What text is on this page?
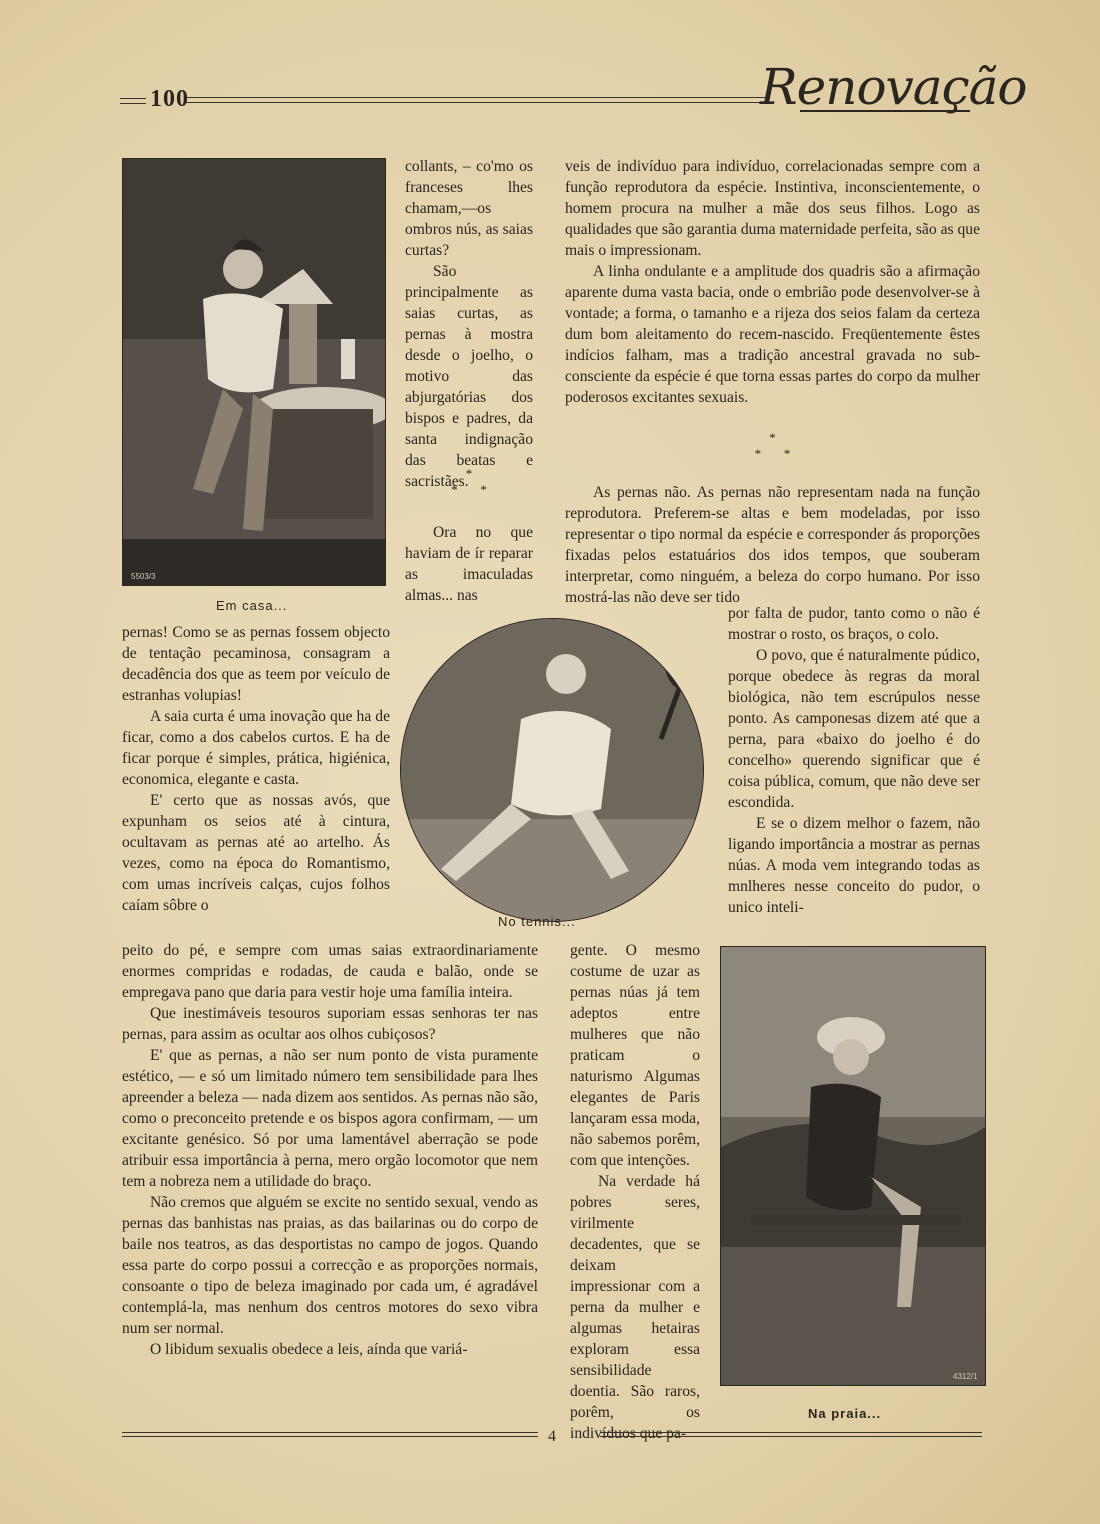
100	Renovação
5503/3
Em casa...

collants, – co'mo os franceses lhes chamam,—os ombros nús, as saias curtas?

São principalmente as saias curtas, as pernas à mostra desde o joelho, o motivo das abjurgatórias dos bispos e padres, da santa indignação das beatas e sacristães.

*
*       *

Ora no que haviam de ír reparar as imaculadas almas... nas

veis de indivíduo para indivíduo, correlacionadas sempre com a função reprodutora da espécie. Instintiva, inconscientemente, o homem procura na mulher a mãe dos seus filhos. Logo as qualidades que são garantia duma maternidade perfeita, são as que mais o impressionam.

A linha ondulante e a amplitude dos quadris são a afirmação aparente duma vasta bacia, onde o embrião pode desenvolver-se à vontade; a forma, o tamanho e a rijeza dos seios falam da certeza dum bom aleitamento do recem-nascido. Freqüentemente êstes indícios falham, mas a tradição ancestral gravada no sub-consciente da espécie é que torna essas partes do corpo da mulher poderosos excitantes sexuais.

*
*       *

As pernas não. As pernas não representam nada na função reprodutora. Preferem-se altas e bem modeladas, por isso representar o tipo normal da espécie e corresponder ás proporções fixadas pelos estatuários dos idos tempos, que souberam interpretar, como ninguém, a beleza do corpo humano. Por isso mostrá-las não deve ser tido

No tennis...

pernas! Como se as pernas fossem objecto de tentação pecaminosa, consagram a decadência dos que as teem por veículo de estranhas volupias!

A saia curta é uma inovação que ha de ficar, como a dos cabelos curtos. E ha de ficar porque é simples, prática, higiénica, economica, elegante e casta.

E' certo que as nossas avós, que expunham os seios até à cintura, ocultavam as pernas até ao artelho. Ás vezes, como na época do Romantismo, com umas incríveis calças, cujos folhos caíam sôbre o

por falta de pudor, tanto como o não é mostrar o rosto, os braços, o colo.

O povo, que é naturalmente púdico, porque obedece às regras da moral biológica, não tem escrúpulos nesse ponto. As camponesas dizem até que a perna, para «baixo do joelho é do concelho» querendo significar que é coisa pública, comum, que não deve ser escondida.

E se o dizem melhor o fazem, não ligando importância a mostrar as pernas núas. A moda vem integrando todas as mnlheres nesse conceito do pudor, o unico inteli-

peito do pé, e sempre com umas saias extraordinariamente enormes compridas e rodadas, de cauda e balão, onde se empregava pano que daria para vestir hoje uma família inteira.

Que inestimáveis tesouros suporiam essas senhoras ter nas pernas, para assim as ocultar aos olhos cubiçosos?

E' que as pernas, a não ser num ponto de vista puramente estético, — e só um limitado número tem sensibilidade para lhes apreender a beleza — nada dizem aos sentidos. As pernas não são, como o preconceito pretende e os bispos agora confirmam, — um excitante genésico. Só por uma lamentável aberração se pode atribuir essa importância à perna, mero orgão locomotor que nem tem a nobreza nem a utilidade do braço.

Não cremos que alguém se excite no sentido sexual, vendo as pernas das banhistas nas praias, as das bailarinas ou do corpo de baile nos teatros, as das desportistas no campo de jogos. Quando essa parte do corpo possui a correcção e as proporções normais, consoante o tipo de beleza imaginado por cada um, é agradável contemplá-la, mas nenhum dos centros motores do sexo vibra num ser normal.

O libidum sexualis obedece a leis, aínda que variá-

gente. O mesmo costume de uzar as pernas núas já tem adeptos entre mulheres que não praticam o naturismo Algumas elegantes de Paris lançaram essa moda, não sabemos porêm, com que intenções.

Na verdade há pobres seres, virilmente decadentes, que se deixam impressionar com a perna da mulher e algumas hetairas exploram essa sensibilidade doentia. São raros, porêm, os indivíduos que pa-

4312/1
Na praia...
4
